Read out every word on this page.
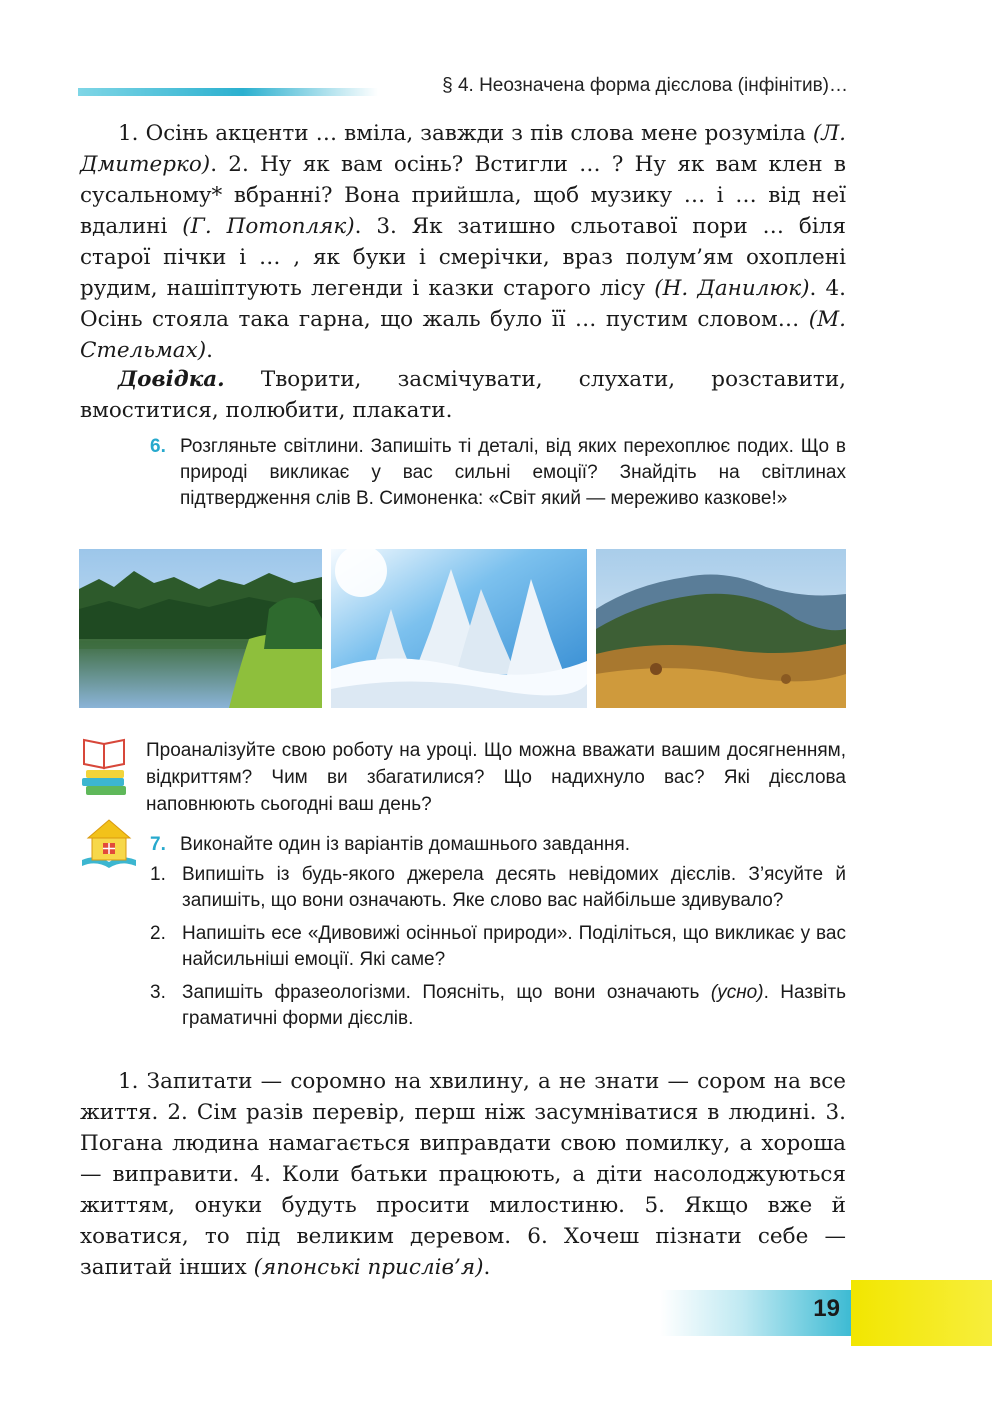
§ 4. Неозначена форма дієслова (інфінітив)…
1. Осінь акценти … вміла, завжди з пів слова мене розуміла (Л. Дмитерко). 2. Ну як вам осінь? Встигли … ? Ну як вам клен в сусальному* вбранні? Вона прийшла, щоб музику … і … від неї вдалині (Г. Потопляк). 3. Як затишно сльотавої пори … біля старої пічки і … , як буки і смерічки, враз полум’ям охоплені рудим, нашіптують легенди і казки старого лісу (Н. Данилюк). 4. Осінь стояла така гарна, що жаль було її … пустим словом… (М. Стельмах).
Довідка. Творити, засмічувати, слухати, розставити, вмоститися, полюбити, плакати.
6. Розгляньте світлини. Запишіть ті деталі, від яких перехоплює подих. Що в природі викликає у вас сильні емоції? Знайдіть на світлинах підтвердження слів В. Симоненка: «Світ який — мереживо казкове!»
Проаналізуйте свою роботу на уроці. Що можна вважати вашим досягненням, відкриттям? Чим ви збагатилися? Що надихнуло вас? Які дієслова наповнюють сьогодні ваш день?
7. Виконайте один із варіантів домашнього завдання.
1. Випишіть із будь-якого джерела десять невідомих дієслів. З’ясуйте й запишіть, що вони означають. Яке слово вас найбільше здивувало?
2. Напишіть есе «Дивовижі осінньої природи». Поділіться, що викликає у вас найсильніші емоції. Які саме?
3. Запишіть фразеологізми. Поясніть, що вони означають (усно). Назвіть граматичні форми дієслів.
1. Запитати — соромно на хвилину, а не знати — сором на все життя. 2. Сім разів перевір, перш ніж засумніватися в людині. 3. Погана людина намагається виправдати свою помилку, а хороша — виправити. 4. Коли батьки працюють, а діти насолоджуються життям, онуки будуть просити милостиню. 5. Якщо вже й ховатися, то під великим деревом. 6. Хочеш пізнати себе — запитай інших (японські прислів’я).
19
